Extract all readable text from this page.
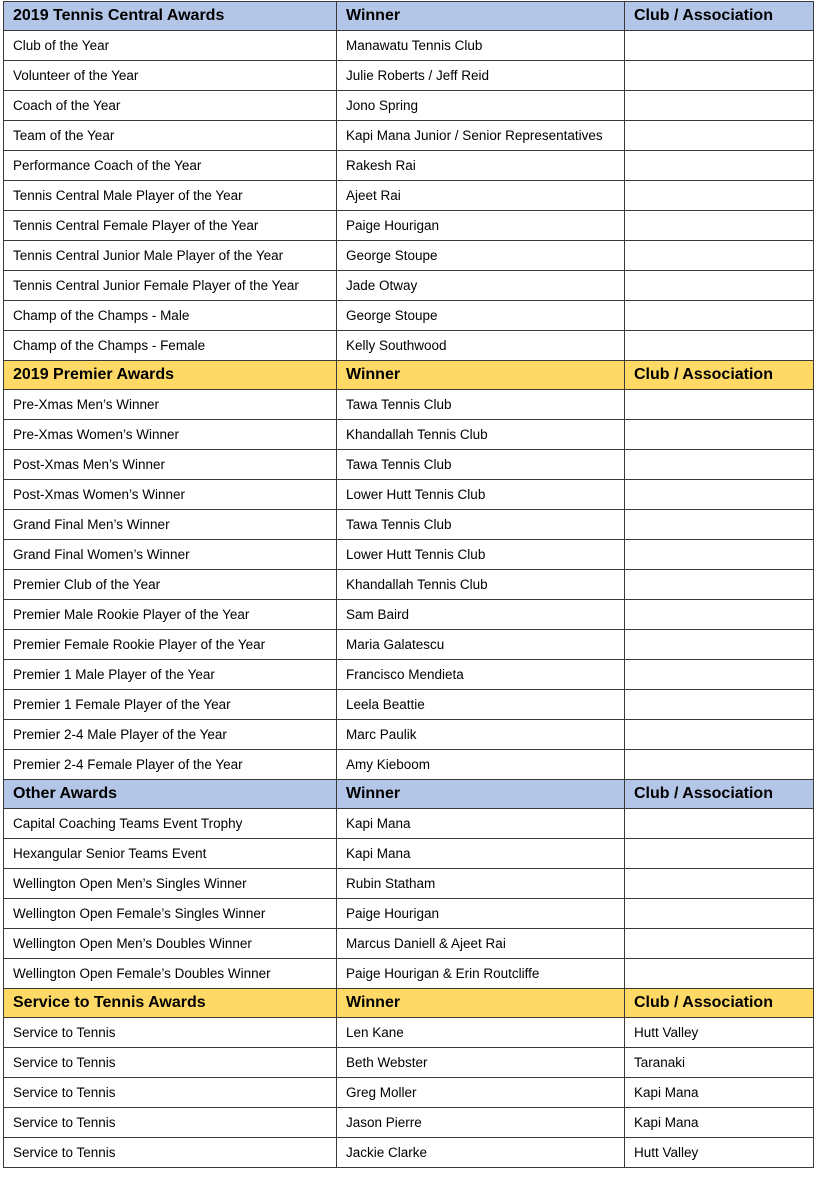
2019 Tennis Central Awards	Winner	Club / Association
Club of the Year	Manawatu Tennis Club	
Volunteer of the Year	Julie Roberts / Jeff Reid	
Coach of the Year	Jono Spring	
Team of the Year	Kapi Mana Junior / Senior Representatives	
Performance Coach of the Year	Rakesh Rai	
Tennis Central Male Player of the Year	Ajeet Rai	
Tennis Central Female Player of the Year	Paige Hourigan	
Tennis Central Junior Male Player of the Year	George Stoupe	
Tennis Central Junior Female Player of the Year	Jade Otway	
Champ of the Champs - Male	George Stoupe	
Champ of the Champs - Female	Kelly Southwood	
2019 Premier Awards	Winner	Club / Association
Pre-Xmas Men’s Winner	Tawa Tennis Club	
Pre-Xmas Women’s Winner	Khandallah Tennis Club	
Post-Xmas Men’s Winner	Tawa Tennis Club	
Post-Xmas Women’s Winner	Lower Hutt Tennis Club	
Grand Final Men’s Winner	Tawa Tennis Club	
Grand Final Women’s Winner	Lower Hutt Tennis Club	
Premier Club of the Year	Khandallah Tennis Club	
Premier Male Rookie Player of the Year	Sam Baird	
Premier Female Rookie Player of the Year	Maria Galatescu	
Premier 1 Male Player of the Year	Francisco Mendieta	
Premier 1 Female Player of the Year	Leela Beattie	
Premier 2-4 Male Player of the Year	Marc Paulik	
Premier 2-4 Female Player of the Year	Amy Kieboom	
Other Awards	Winner	Club / Association
Capital Coaching Teams Event Trophy	Kapi Mana	
Hexangular Senior Teams Event	Kapi Mana	
Wellington Open Men’s Singles Winner	Rubin Statham	
Wellington Open Female’s Singles Winner	Paige Hourigan	
Wellington Open Men’s Doubles Winner	Marcus Daniell & Ajeet Rai	
Wellington Open Female’s Doubles Winner	Paige Hourigan & Erin Routcliffe	
Service to Tennis Awards	Winner	Club / Association
Service to Tennis	Len Kane	Hutt Valley
Service to Tennis	Beth Webster	Taranaki
Service to Tennis	Greg Moller	Kapi Mana
Service to Tennis	Jason Pierre	Kapi Mana
Service to Tennis	Jackie Clarke	Hutt Valley
